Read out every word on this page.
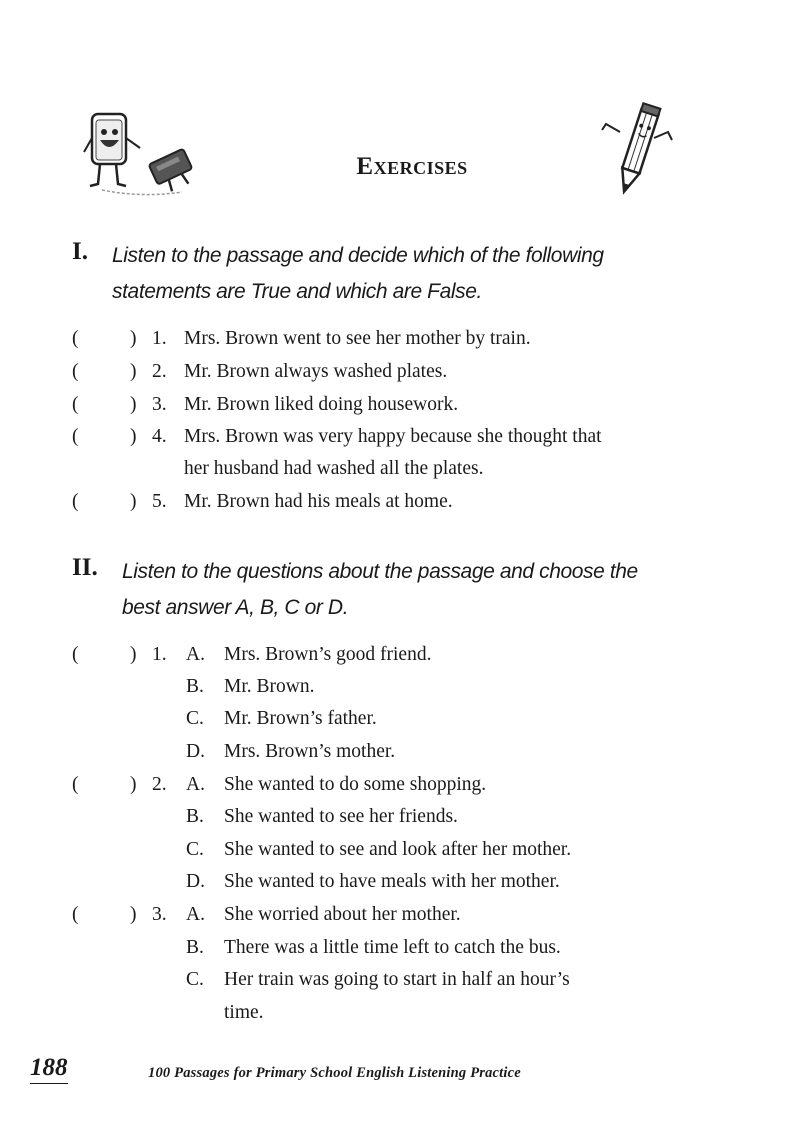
Exercises
I. Listen to the passage and decide which of the following
statements are True and which are False.
(	) 1. Mrs. Brown went to see her mother by train.
(	) 2. Mr. Brown always washed plates.
(	) 3. Mr. Brown liked doing housework.
(	) 4. Mrs. Brown was very happy because she thought that
her husband had washed all the plates.
(	) 5. Mr. Brown had his meals at home.
II. Listen to the questions about the passage and choose the
best answer A, B, C or D.
(	) 1. A. Mrs. Brown’s good friend.
B. Mr. Brown.
C. Mr. Brown’s father.
D. Mrs. Brown’s mother.
(	) 2. A. She wanted to do some shopping.
B. She wanted to see her friends.
C. She wanted to see and look after her mother.
D. She wanted to have meals with her mother.
(	) 3. A. She worried about her mother.
B. There was a little time left to catch the bus.
C. Her train was going to start in half an hour’s
time.
188	100 Passages for Primary School English Listening Practice
